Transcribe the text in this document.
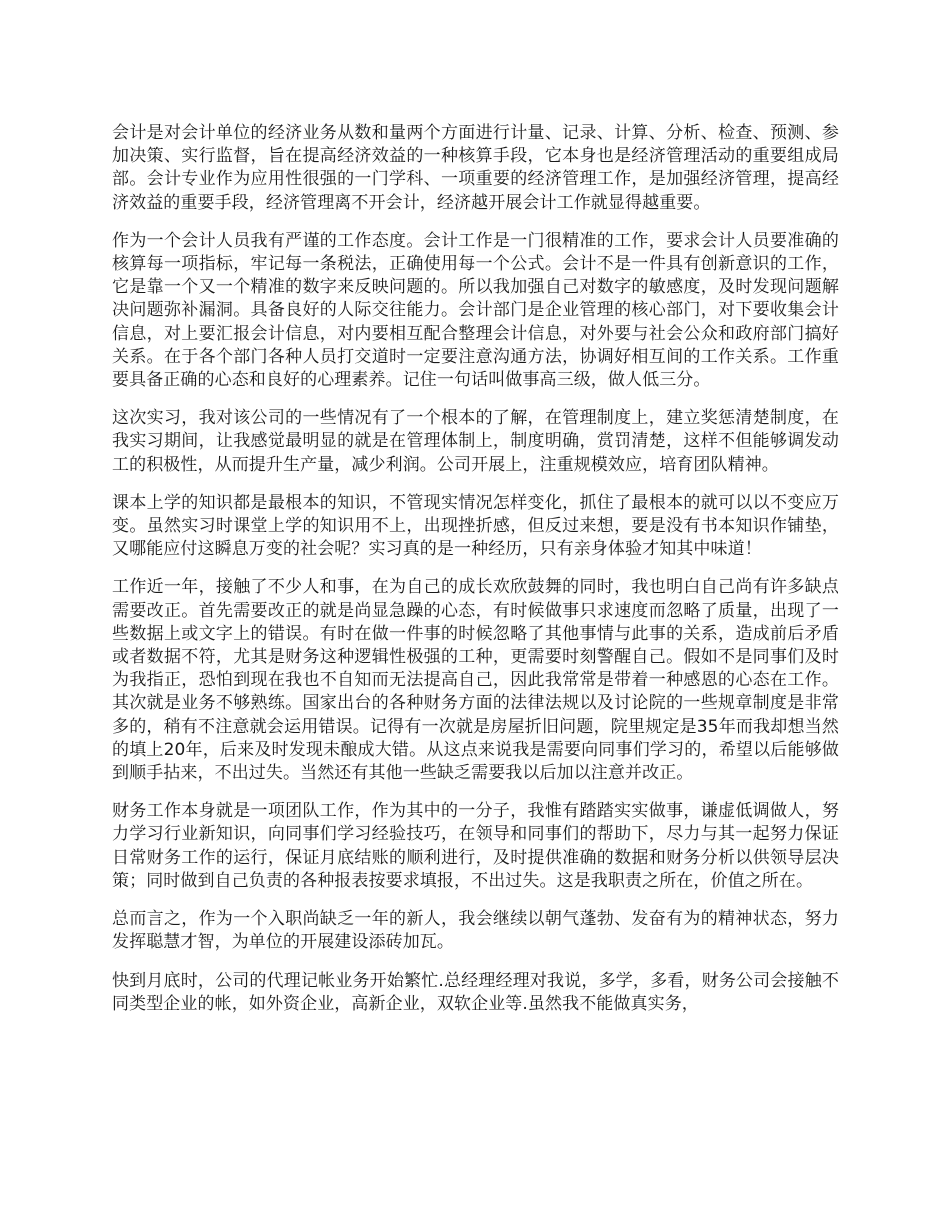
会计是对会计单位的经济业务从数和量两个方面进行计量、记录、计算、分析、检查、预测、参加决策、实行监督，旨在提高经济效益的一种核算手段，它本身也是经济管理活动的重要组成局部。会计专业作为应用性很强的一门学科、一项重要的经济管理工作，是加强经济管理，提高经济效益的重要手段，经济管理离不开会计，经济越开展会计工作就显得越重要。

作为一个会计人员我有严谨的工作态度。会计工作是一门很精准的工作，要求会计人员要准确的核算每一项指标，牢记每一条税法，正确使用每一个公式。会计不是一件具有创新意识的工作，它是靠一个又一个精准的数字来反映问题的。所以我加强自己对数字的敏感度，及时发现问题解决问题弥补漏洞。具备良好的人际交往能力。会计部门是企业管理的核心部门，对下要收集会计信息，对上要汇报会计信息，对内要相互配合整理会计信息，对外要与社会公众和政府部门搞好关系。在于各个部门各种人员打交道时一定要注意沟通方法，协调好相互间的工作关系。工作重要具备正确的心态和良好的心理素养。记住一句话叫做事高三级，做人低三分。

这次实习，我对该公司的一些情况有了一个根本的了解，在管理制度上，建立奖惩清楚制度，在我实习期间，让我感觉最明显的就是在管理体制上，制度明确，赏罚清楚，这样不但能够调发动工的积极性，从而提升生产量，减少利润。公司开展上，注重规模效应，培育团队精神。

课本上学的知识都是最根本的知识，不管现实情况怎样变化，抓住了最根本的就可以以不变应万变。虽然实习时课堂上学的知识用不上，出现挫折感，但反过来想，要是没有书本知识作铺垫，又哪能应付这瞬息万变的社会呢？实习真的是一种经历，只有亲身体验才知其中味道！

工作近一年，接触了不少人和事，在为自己的成长欢欣鼓舞的同时，我也明白自己尚有许多缺点需要改正。首先需要改正的就是尚显急躁的心态，有时候做事只求速度而忽略了质量，出现了一些数据上或文字上的错误。有时在做一件事的时候忽略了其他事情与此事的关系，造成前后矛盾或者数据不符，尤其是财务这种逻辑性极强的工种，更需要时刻警醒自己。假如不是同事们及时为我指正，恐怕到现在我也不自知而无法提高自己，因此我常常是带着一种感恩的心态在工作。其次就是业务不够熟练。国家出台的各种财务方面的法律法规以及讨论院的一些规章制度是非常多的，稍有不注意就会运用错误。记得有一次就是房屋折旧问题，院里规定是35年而我却想当然的填上20年，后来及时发现未酿成大错。从这点来说我是需要向同事们学习的，希望以后能够做到顺手拈来，不出过失。当然还有其他一些缺乏需要我以后加以注意并改正。

财务工作本身就是一项团队工作，作为其中的一分子，我惟有踏踏实实做事，谦虚低调做人，努力学习行业新知识，向同事们学习经验技巧，在领导和同事们的帮助下，尽力与其一起努力保证日常财务工作的运行，保证月底结账的顺利进行，及时提供准确的数据和财务分析以供领导层决策；同时做到自己负责的各种报表按要求填报，不出过失。这是我职责之所在，价值之所在。

总而言之，作为一个入职尚缺乏一年的新人，我会继续以朝气蓬勃、发奋有为的精神状态，努力发挥聪慧才智，为单位的开展建设添砖加瓦。

快到月底时，公司的代理记帐业务开始繁忙.总经理经理对我说，多学，多看，财务公司会接触不同类型企业的帐，如外资企业，高新企业，双软企业等.虽然我不能做真实务，
